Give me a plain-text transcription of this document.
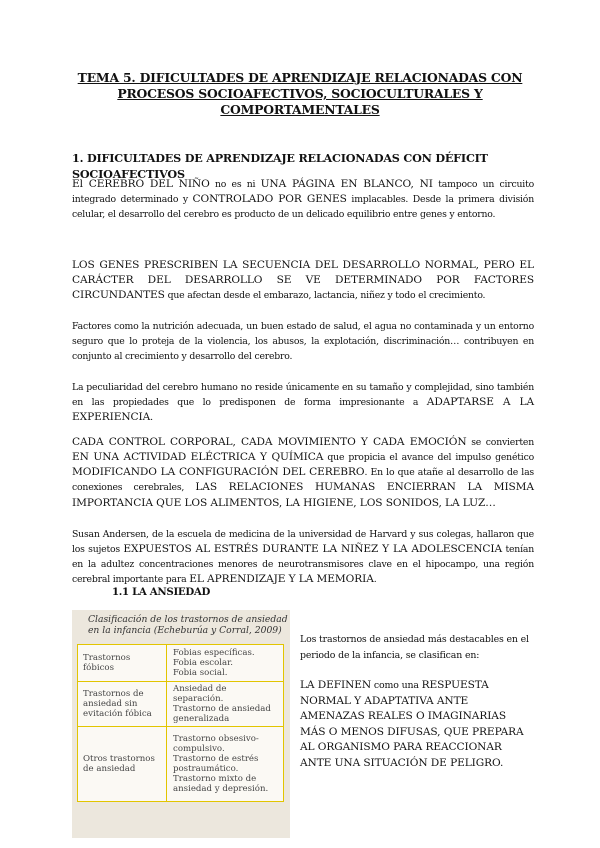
TEMA 5. DIFICULTADES DE APRENDIZAJE RELACIONADAS CON PROCESOS SOCIOAFECTIVOS, SOCIOCULTURALES Y COMPORTAMENTALES
1. DIFICULTADES DE APRENDIZAJE RELACIONADAS CON DÉFICIT
SOCIOAFECTIVOS

El CEREBRO DEL NIÑO no es ni UNA PÁGINA EN BLANCO, NI tampoco un circuito integrado determinado y CONTROLADO POR GENES implacables. Desde la primera división celular, el desarrollo del cerebro es producto de un delicado equilibrio entre genes y entorno.

LOS GENES PRESCRIBEN LA SECUENCIA DEL DESARROLLO NORMAL, PERO EL CARÁCTER DEL DESARROLLO SE VE DETERMINADO POR FACTORES CIRCUNDANTES que afectan desde el embarazo, lactancia, niñez y todo el crecimiento.

Factores como la nutrición adecuada, un buen estado de salud, el agua no contaminada y un entorno seguro que lo proteja de la violencia, los abusos, la explotación, discriminación… contribuyen en conjunto al crecimiento y desarrollo del cerebro.

La peculiaridad del cerebro humano no reside únicamente en su tamaño y complejidad, sino también en las propiedades que lo predisponen de forma impresionante a ADAPTARSE A LA EXPERIENCIA.

CADA CONTROL CORPORAL, CADA MOVIMIENTO Y CADA EMOCIÓN se convierten EN UNA ACTIVIDAD ELÉCTRICA Y QUÍMICA que propicia el avance del impulso genético MODIFICANDO LA CONFIGURACIÓN DEL CEREBRO. En lo que atañe al desarrollo de las conexiones cerebrales, LAS RELACIONES HUMANAS ENCIERRAN LA MISMA IMPORTANCIA QUE LOS ALIMENTOS, LA HIGIENE, LOS SONIDOS, LA LUZ…

Susan Andersen, de la escuela de medicina de la universidad de Harvard y sus colegas, hallaron que los sujetos EXPUESTOS AL ESTRÉS DURANTE LA NIÑEZ Y LA ADOLESCENCIA tenían en la adultez concentraciones menores de neurotransmisores clave en el hipocampo, una región cerebral importante para EL APRENDIZAJE Y LA MEMORIA.

1.1 LA ANSIEDAD
Clasificación de los trastornos de ansiedad
en la infancia (Echeburúa y Corral, 2009)
Trastornos fóbicos	Fobias específicas.
Fobia escolar.
Fobia social.

Trastornos de ansiedad sin evitación fóbica	Ansiedad de separación.
Trastorno de ansiedad generalizada

Otros trastornos de ansiedad	Trastorno obsesivo-compulsivo.
Trastorno de estrés postraumático.
Trastorno mixto de ansiedad y depresión.
Los trastornos de ansiedad más destacables en el periodo de la infancia, se clasifican en:
LA DEFINEN como una RESPUESTA NORMAL Y ADAPTATIVA ANTE AMENAZAS REALES O IMAGINARIAS MÁS O MENOS DIFUSAS, QUE PREPARA AL ORGANISMO PARA REACCIONAR ANTE UNA SITUACIÓN DE PELIGRO.
